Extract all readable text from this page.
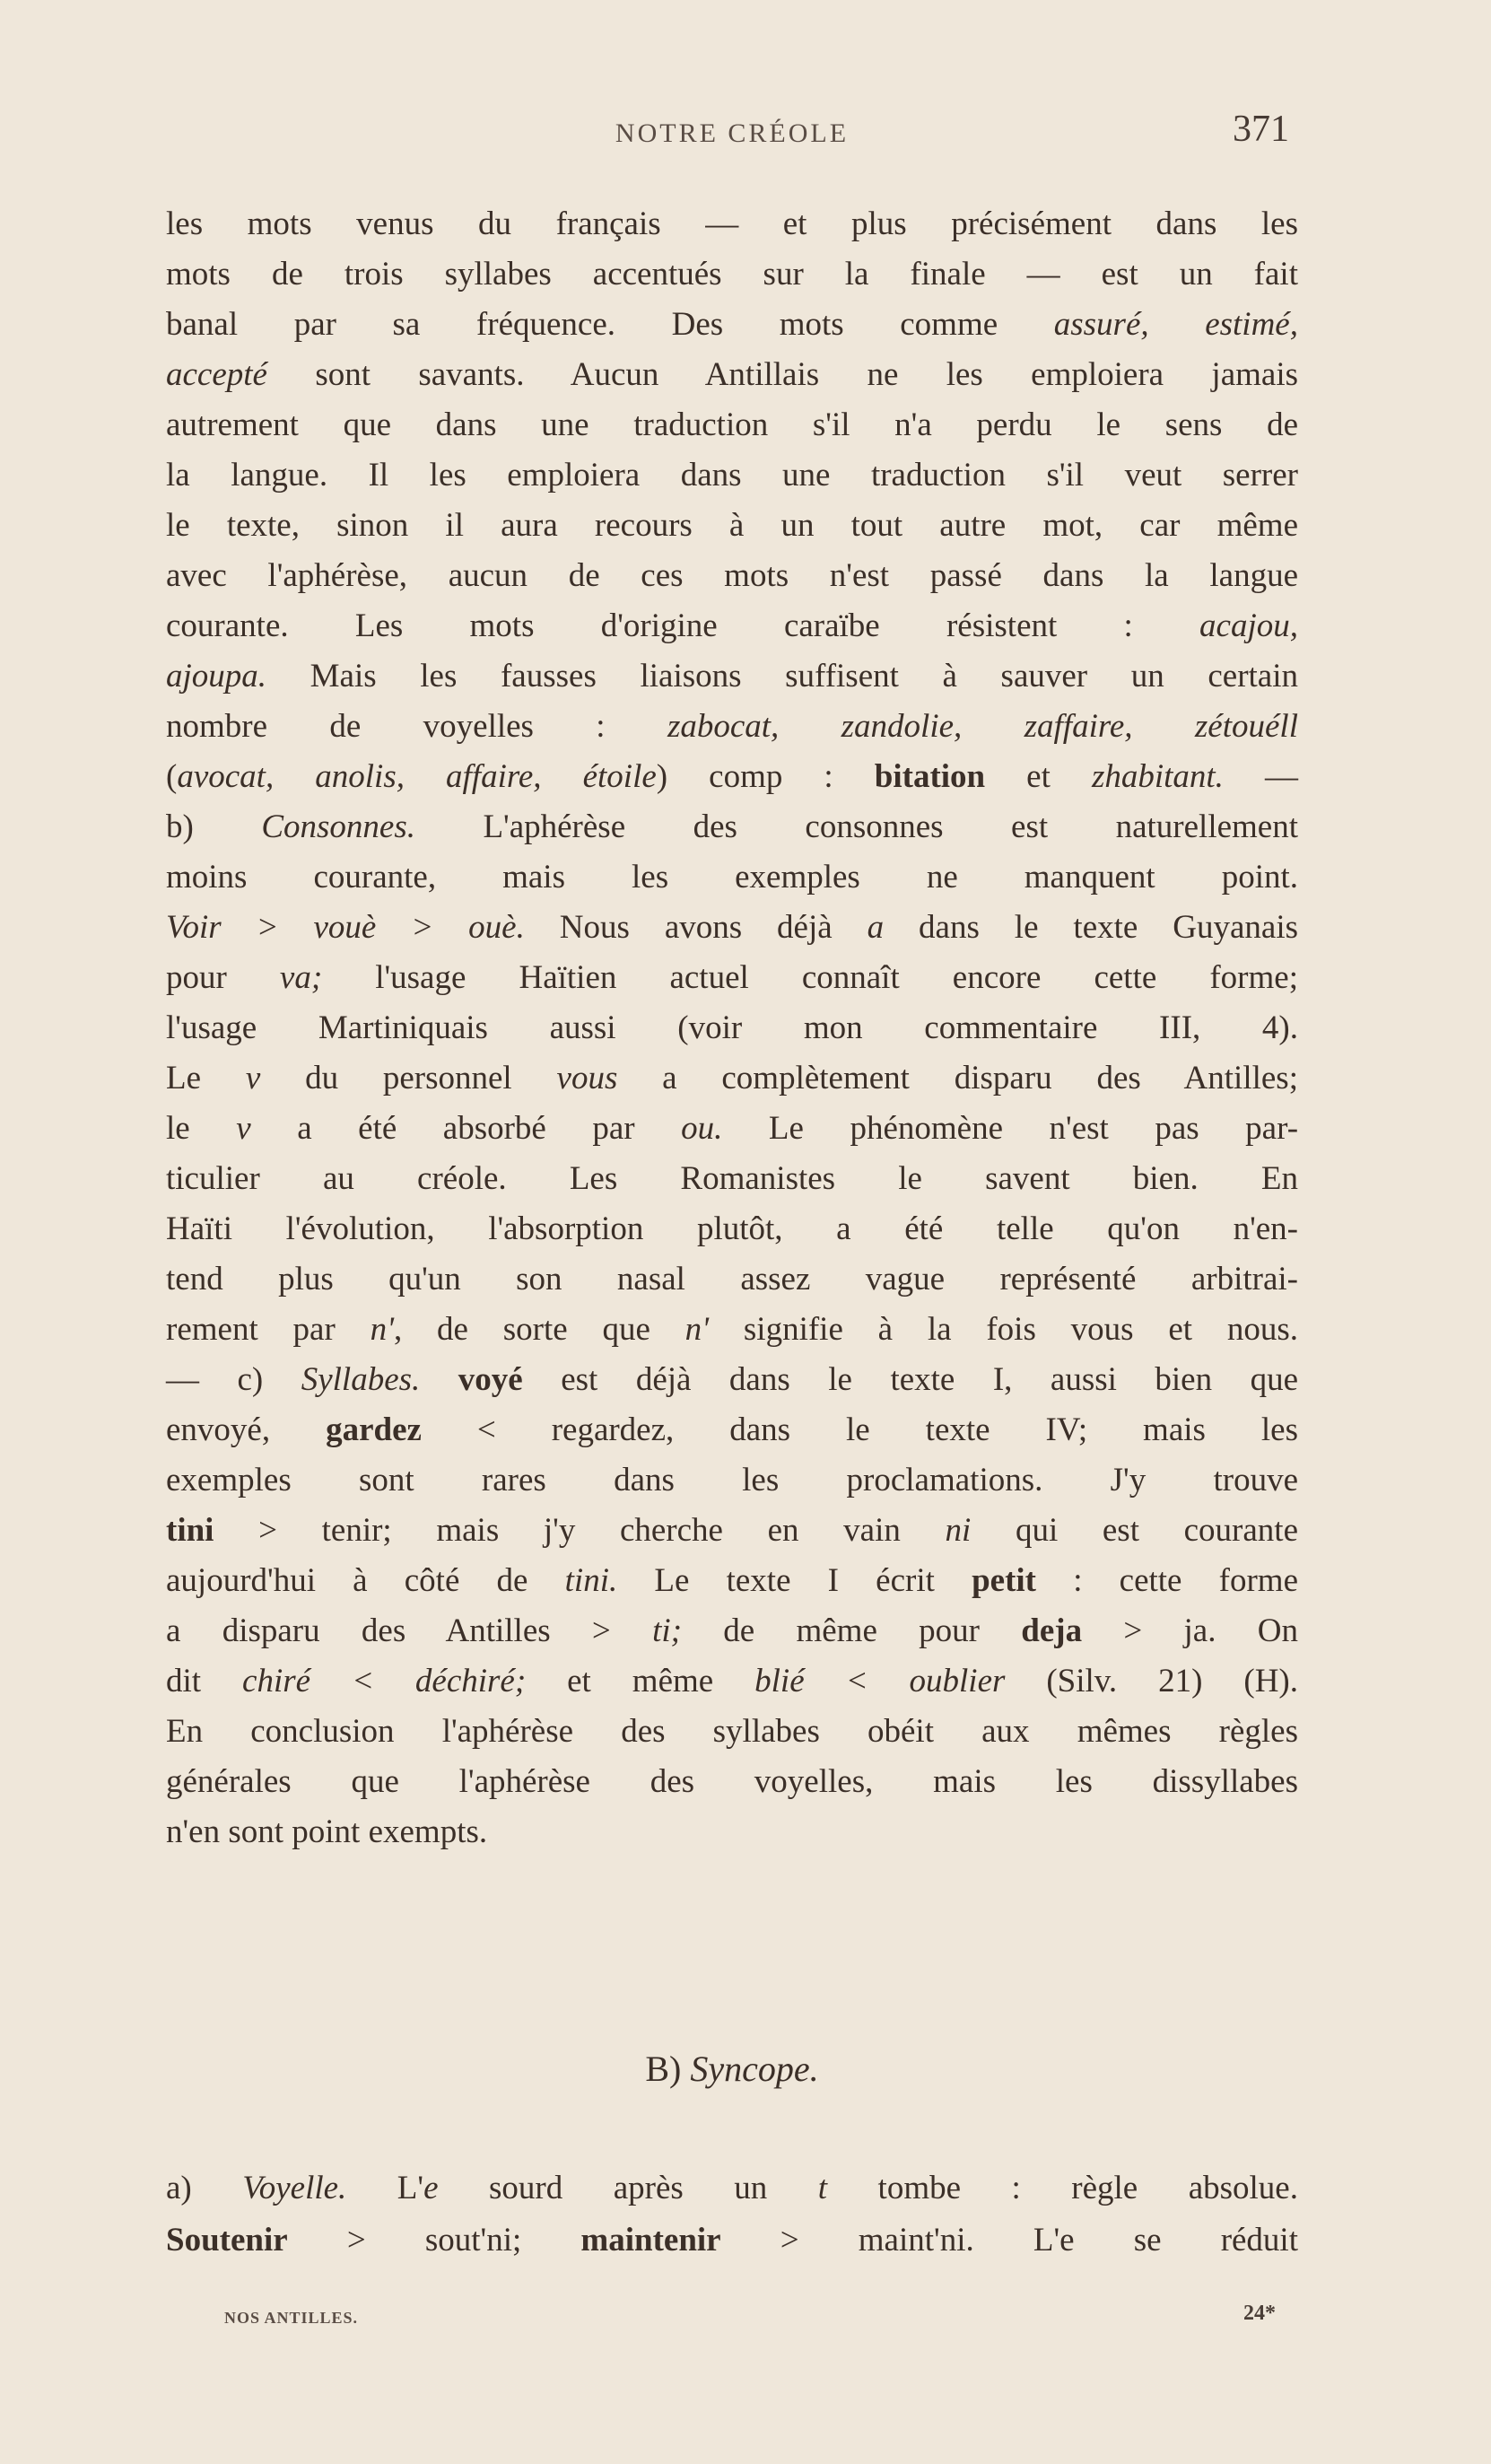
NOTRE CRÉOLE	371
les mots venus du français — et plus précisément dans les
mots de trois syllabes accentués sur la finale — est un fait
banal par sa fréquence. Des mots comme assuré, estimé,
accepté sont savants. Aucun Antillais ne les emploiera jamais
autrement que dans une traduction s'il n'a perdu le sens de
la langue. Il les emploiera dans une traduction s'il veut serrer
le texte, sinon il aura recours à un tout autre mot, car même
avec l'aphérèse, aucun de ces mots n'est passé dans la langue
courante. Les mots d'origine caraïbe résistent : acajou,
ajoupa. Mais les fausses liaisons suffisent à sauver un certain
nombre de voyelles : zabocat, zandolie, zaffaire, zétouéll
(avocat, anolis, affaire, étoile) comp : bitation et zhabitant. —
b) Consonnes. L'aphérèse des consonnes est naturellement
moins courante, mais les exemples ne manquent point.
Voir > vouè > ouè. Nous avons déjà a dans le texte Guyanais
pour va; l'usage Haïtien actuel connaît encore cette forme;
l'usage Martiniquais aussi (voir mon commentaire III, 4).
Le v du personnel vous a complètement disparu des Antilles;
le v a été absorbé par ou. Le phénomène n'est pas par-
ticulier au créole. Les Romanistes le savent bien. En
Haïti l'évolution, l'absorption plutôt, a été telle qu'on n'en-
tend plus qu'un son nasal assez vague représenté arbitrai-
rement par n', de sorte que n' signifie à la fois vous et nous.
— c) Syllabes. voyé est déjà dans le texte I, aussi bien que
envoyé, gardez < regardez, dans le texte IV; mais les
exemples sont rares dans les proclamations. J'y trouve
tini > tenir; mais j'y cherche en vain ni qui est courante
aujourd'hui à côté de tini. Le texte I écrit petit : cette forme
a disparu des Antilles > ti; de même pour deja > ja. On
dit chiré < déchiré; et même blié < oublier (Silv. 21) (H).
En conclusion l'aphérèse des syllabes obéit aux mêmes règles
générales que l'aphérèse des voyelles, mais les dissyllabes
n'en sont point exempts.
B) Syncope.
a) Voyelle. L'e sourd après un t tombe : règle absolue.
Soutenir > sout'ni; maintenir > maint'ni. L'e se réduit
NOS ANTILLES.	24*
